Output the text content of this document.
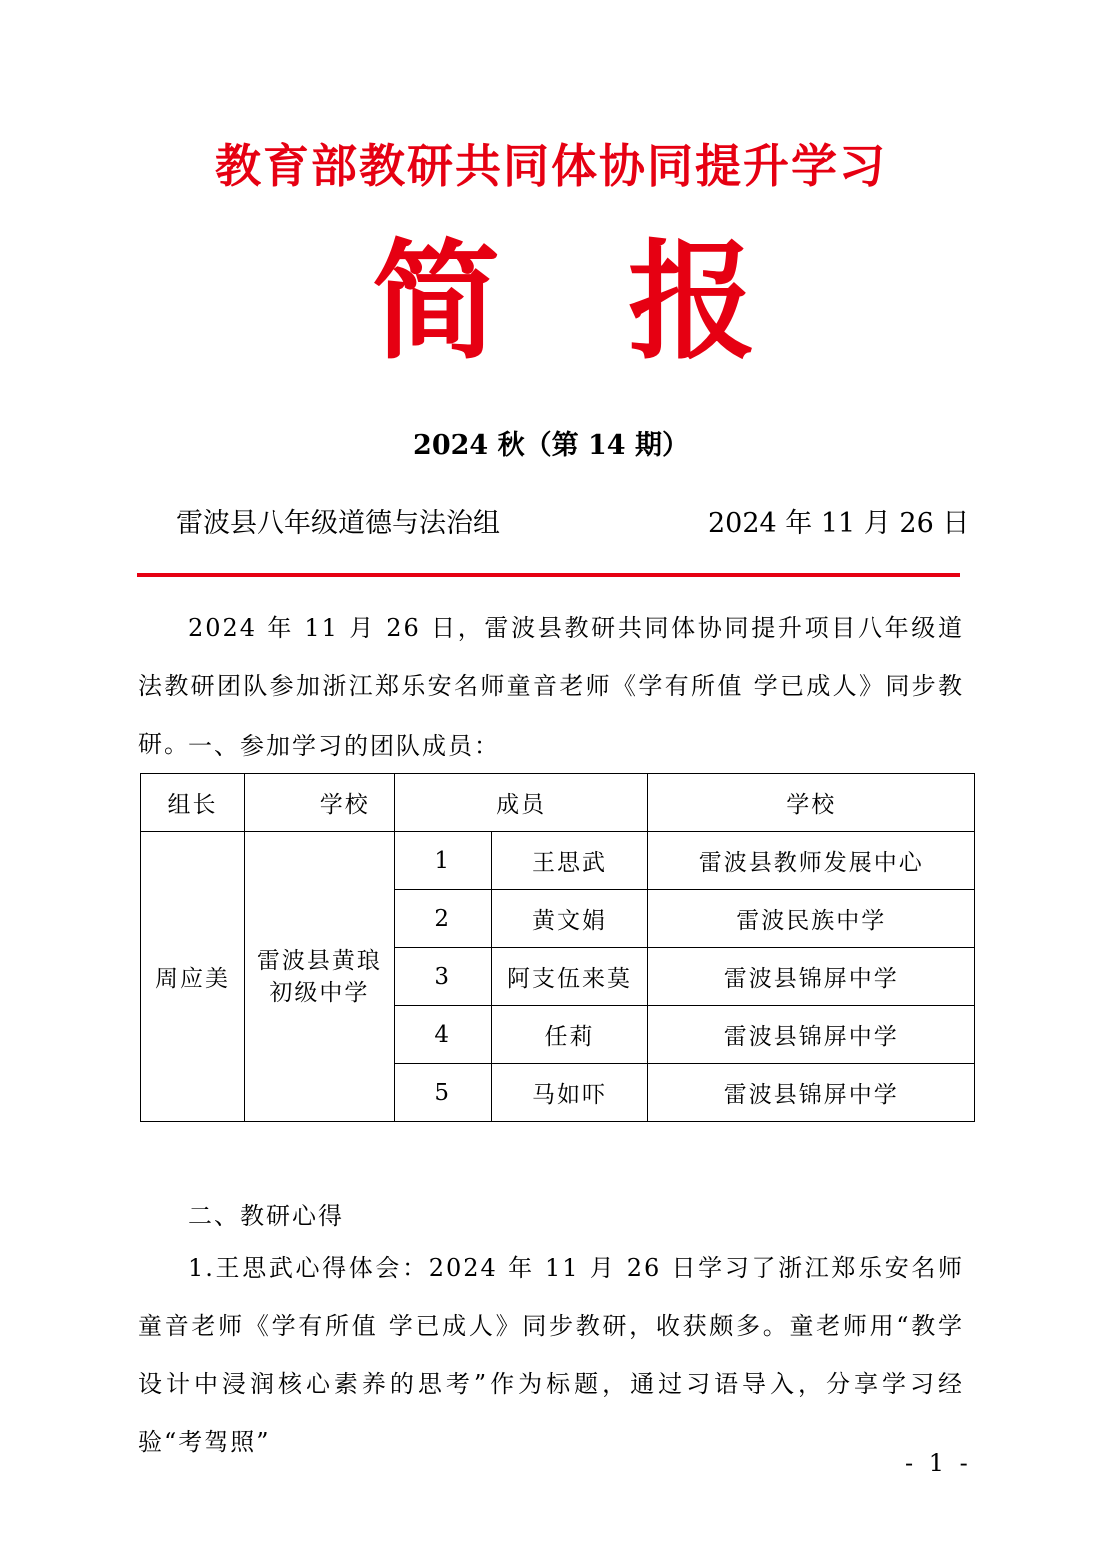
教育部教研共同体协同提升学习
简 报
2024 秋（第 14 期）
雷波县八年级道德与法治组	2024 年 11 月 26 日
2024 年 11 月 26 日，雷波县教研共同体协同提升项目八年级道法教研团队参加浙江郑乐安名师童音老师《学有所值 学已成人》同步教研。
一、参加学习的团队成员：
组长	学校	成员		学校
周应美	雷波县黄琅初级中学	1	王思武	雷波县教师发展中心
		2	黄文娟	雷波民族中学
		3	阿支伍来莫	雷波县锦屏中学
		4	任莉	雷波县锦屏中学
		5	马如吓	雷波县锦屏中学
二、教研心得
1.王思武心得体会：2024 年 11 月 26 日学习了浙江郑乐安名师童音老师《学有所值 学已成人》同步教研，收获颇多。童老师用“教学设计中浸润核心素养的思考”作为标题，通过习语导入，分享学习经验“考驾照”
- 1 -
